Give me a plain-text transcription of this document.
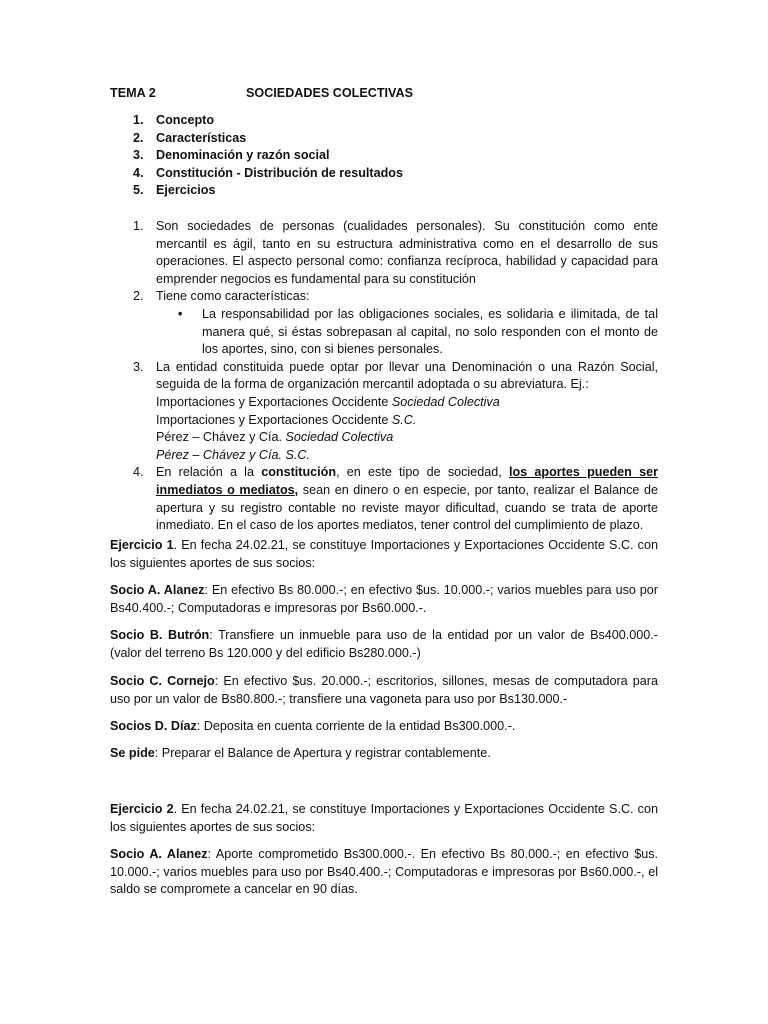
TEMA 2	SOCIEDADES COLECTIVAS
1. Concepto
2. Características
3. Denominación y razón social
4. Constitución - Distribución de resultados
5. Ejercicios
1. Son sociedades de personas (cualidades personales). Su constitución como ente mercantil es ágil, tanto en su estructura administrativa como en el desarrollo de sus operaciones. El aspecto personal como: confianza recíproca, habilidad y capacidad para emprender negocios es fundamental para su constitución
2. Tiene como características:
• La responsabilidad por las obligaciones sociales, es solidaria e ilimitada, de tal manera qué, si éstas sobrepasan al capital, no solo responden con el monto de los aportes, sino, con si bienes personales.
3. La entidad constituida puede optar por llevar una Denominación o una Razón Social, seguida de la forma de organización mercantil adoptada o su abreviatura. Ej.:
Importaciones y Exportaciones Occidente Sociedad Colectiva
Importaciones y Exportaciones Occidente S.C.
Pérez – Chávez y Cía. Sociedad Colectiva
Pérez – Chávez y Cía. S.C.
4. En relación a la constitución, en este tipo de sociedad, los aportes pueden ser inmediatos o mediatos, sean en dinero o en especie, por tanto, realizar el Balance de apertura y su registro contable no reviste mayor dificultad, cuando se trata de aporte inmediato. En el caso de los aportes mediatos, tener control del cumplimiento de plazo.

Ejercicio 1. En fecha 24.02.21, se constituye Importaciones y Exportaciones Occidente S.C. con los siguientes aportes de sus socios:

Socio A. Alanez: En efectivo Bs 80.000.-; en efectivo $us. 10.000.-; varios muebles para uso por Bs40.400.-; Computadoras e impresoras por Bs60.000.-.

Socio B. Butrón: Transfiere un inmueble para uso de la entidad por un valor de Bs400.000.- (valor del terreno Bs 120.000 y del edificio Bs280.000.-)

Socio C. Cornejo: En efectivo $us. 20.000.-; escritorios, sillones, mesas de computadora para uso por un valor de Bs80.800.-; transfiere una vagoneta para uso por Bs130.000.-

Socios D. Díaz: Deposita en cuenta corriente de la entidad Bs300.000.-.

Se pide: Preparar el Balance de Apertura y registrar contablemente.

Ejercicio 2. En fecha 24.02.21, se constituye Importaciones y Exportaciones Occidente S.C. con los siguientes aportes de sus socios:

Socio A. Alanez: Aporte comprometido Bs300.000.-. En efectivo Bs 80.000.-; en efectivo $us. 10.000.-; varios muebles para uso por Bs40.400.-; Computadoras e impresoras por Bs60.000.-, el saldo se compromete a cancelar en 90 días.
